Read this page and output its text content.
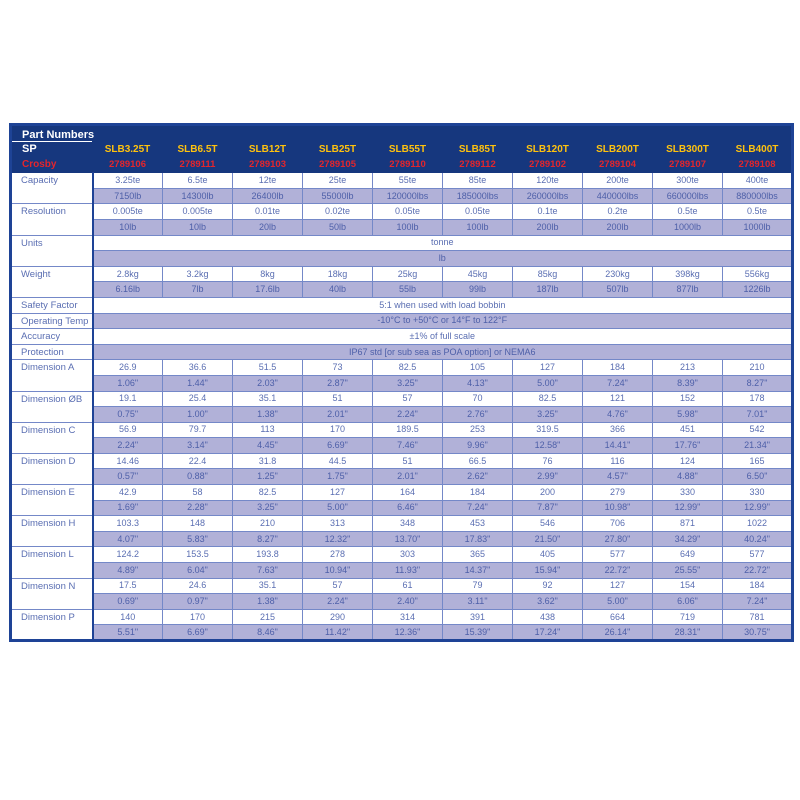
Part Numbers										
SP	SLB3.25T	SLB6.5T	SLB12T	SLB25T	SLB55T	SLB85T	SLB120T	SLB200T	SLB300T	SLB400T
Crosby	2789106	2789111	2789103	2789105	2789110	2789112	2789102	2789104	2789107	2789108
Capacity	3.25te	6.5te	12te	25te	55te	85te	120te	200te	300te	400te
	7150lb	14300lb	26400lb	55000lb	120000lbs	185000lbs	260000lbs	440000lbs	660000lbs	880000lbs
Resolution	0.005te	0.005te	0.01te	0.02te	0.05te	0.05te	0.1te	0.2te	0.5te	0.5te
	10lb	10lb	20lb	50lb	100lb	100lb	200lb	200lb	1000lb	1000lb
Units	tonne									
	lb									
Weight	2.8kg	3.2kg	8kg	18kg	25kg	45kg	85kg	230kg	398kg	556kg
	6.16lb	7lb	17.6lb	40lb	55lb	99lb	187lb	507lb	877lb	1226lb
Safety Factor	5:1 when used with load bobbin									
Operating Temp	-10°C to +50°C or 14°F to 122°F									
Accuracy	±1% of full scale									
Protection	IP67 std [or sub sea as POA option] or NEMA6									
Dimension A	26.9	36.6	51.5	73	82.5	105	127	184	213	210
	1.06"	1.44"	2.03"	2.87"	3.25"	4.13"	5.00"	7.24"	8.39"	8.27"
Dimension ØB	19.1	25.4	35.1	51	57	70	82.5	121	152	178
	0.75"	1.00"	1.38"	2.01"	2.24"	2.76"	3.25"	4.76"	5.98"	7.01"
Dimension C	56.9	79.7	113	170	189.5	253	319.5	366	451	542
	2.24"	3.14"	4.45"	6.69"	7.46"	9.96"	12.58"	14.41"	17.76"	21.34"
Dimension D	14.46	22.4	31.8	44.5	51	66.5	76	116	124	165
	0.57"	0.88"	1.25"	1.75"	2.01"	2.62"	2.99"	4.57"	4.88"	6.50"
Dimension E	42.9	58	82.5	127	164	184	200	279	330	330
	1.69"	2.28"	3.25"	5.00"	6.46"	7.24"	7.87"	10.98"	12.99"	12.99"
Dimension H	103.3	148	210	313	348	453	546	706	871	1022
	4.07"	5.83"	8.27"	12.32"	13.70"	17.83"	21.50"	27.80"	34.29"	40.24"
Dimension L	124.2	153.5	193.8	278	303	365	405	577	649	577
	4.89"	6.04"	7.63"	10.94"	11.93"	14.37"	15.94"	22.72"	25.55"	22.72"
Dimension N	17.5	24.6	35.1	57	61	79	92	127	154	184
	0.69"	0.97"	1.38"	2.24"	2.40"	3.11"	3.62"	5.00"	6.06"	7.24"
Dimension P	140	170	215	290	314	391	438	664	719	781
	5.51"	6.69"	8.46"	11.42"	12.36"	15.39"	17.24"	26.14"	28.31"	30.75"
